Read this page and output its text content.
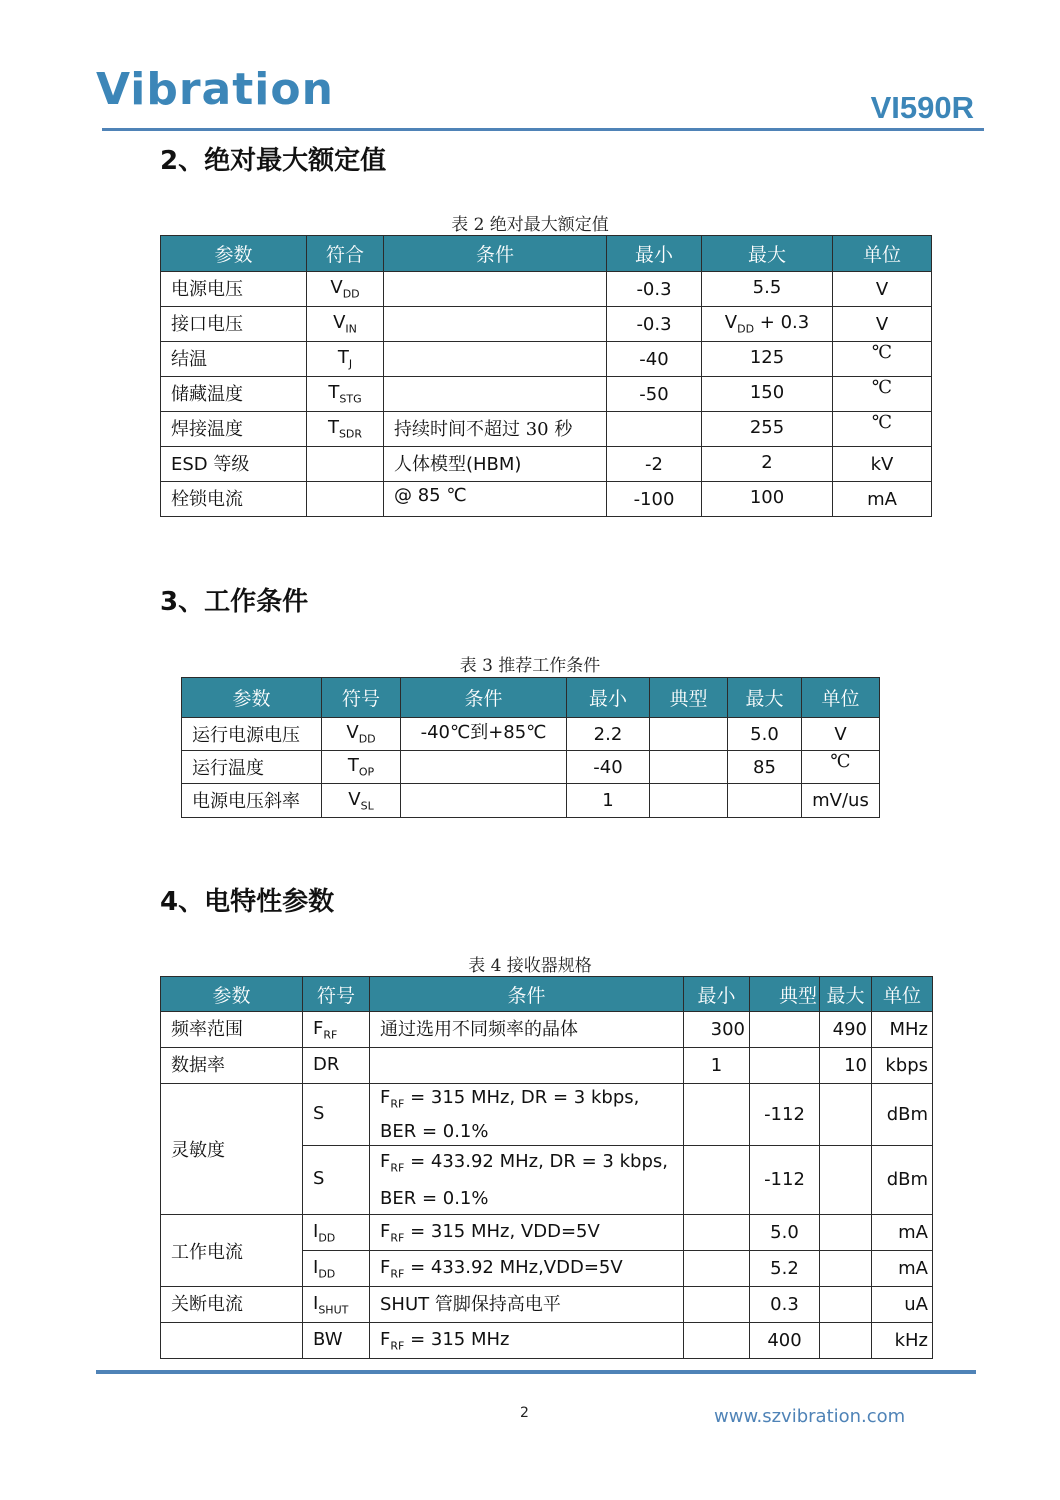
Vibration	VI590R
2、绝对最大额定值
表 2 绝对最大额定值
参数	符合	条件	最小	最大	单位
电源电压	$V_{DD}$		-0.3	5.5	V
接口电压	$V_{IN}$		-0.3	$V_{DD} + 0.3$	V
结温	$T_J$		-40	125	℃
储藏温度	$T_{STG}$		-50	150	℃
焊接温度	$T_{SDR}$	持续时间不超过 30 秒		255	℃
ESD 等级		人体模型(HBM)	-2	2	kV
栓锁电流		@ 85 ℃	-100	100	mA
3、工作条件
表 3 推荐工作条件
参数	符号	条件	最小	典型	最大	单位
运行电源电压	$V_{DD}$	-40℃到+85℃	2.2		5.0	V
运行温度	$T_{OP}$		-40		85	℃
电源电压斜率	$V_{SL}$		1			mV/us
4、电特性参数
表 4 接收器规格
参数	符号	条件	最小	典型	最大	单位
频率范围	$F_{RF}$	通过选用不同频率的晶体	300		490	MHz
数据率	DR		1		10	kbps
灵敏度	S	$F_{RF} = 315$ MHz, DR = 3 kbps, BER = 0.1%		-112		dBm
	S	$F_{RF} = 433.92$ MHz, DR = 3 kbps, BER = 0.1%		-112		dBm
工作电流	$I_{DD}$	$F_{RF} = 315$ MHz, VDD=5V		5.0		mA
	$I_{DD}$	$F_{RF} = 433.92$ MHz,VDD=5V		5.2		mA
关断电流	$I_{SHUT}$	SHUT 管脚保持高电平		0.3		uA
	BW	$F_{RF} = 315$ MHz		400		kHz
2	www.szvibration.com
